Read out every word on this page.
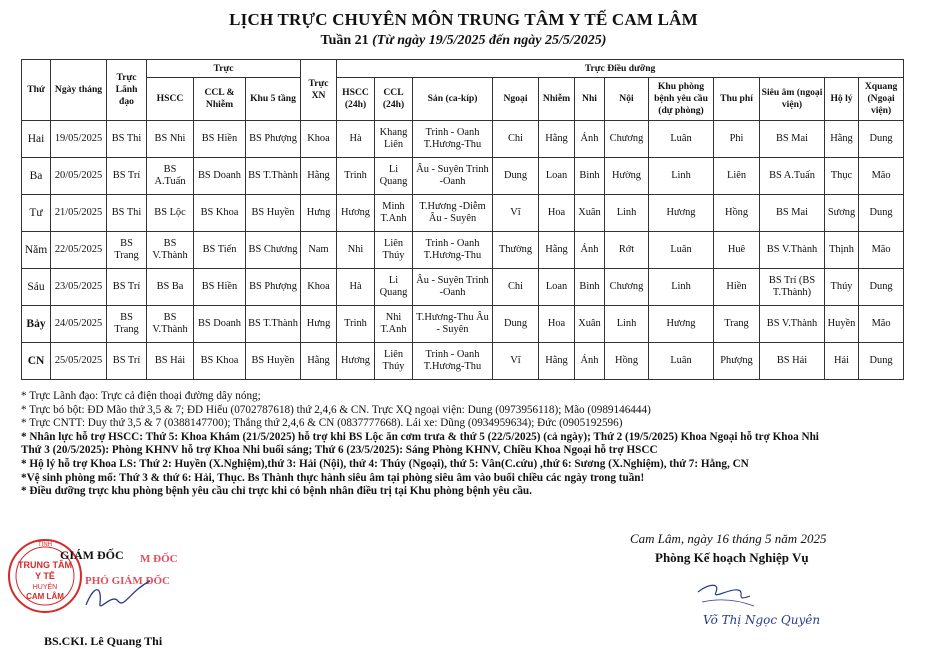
LỊCH TRỰC CHUYÊN MÔN TRUNG TÂM Y TẾ CAM LÂM
Tuần 21 (Từ ngày 19/5/2025 đến ngày 25/5/2025)
Thứ	Ngày tháng	Trực Lãnh đạo	Trực			Trực XN	Trực Điều dưỡng											
			HSCC	CCL & Nhiễm	Khu 5 tầng		HSCC (24h)	CCL (24h)	Sản (ca-kíp)	Ngoại	Nhiễm	Nhi	Nội	Khu phòng bệnh yêu cầu (dự phòng)	Thu phí	Siêu âm (ngoại viện)	Hộ lý	Xquang (Ngoại viện)
Hai	19/05/2025	BS Thi	BS Nhi	BS Hiền	BS Phượng	Khoa	Hà	Khang Liên	Trinh - Oanh T.Hương-Thu	Chi	Hằng	Ánh	Chương	Luân	Phi	BS Mai	Hằng	Dung
Ba	20/05/2025	BS Trí	BS A.Tuấn	BS Doanh	BS T.Thành	Hằng	Trinh	Li Quang	Âu - Suyên Trinh -Oanh	Dung	Loan	Bình	Hường	Linh	Liên	BS A.Tuấn	Thục	Mão
Tư	21/05/2025	BS Thi	BS Lộc	BS Khoa	BS Huyền	Hưng	Hương	Minh T.Anh	T.Hương -Diễm Âu - Suyên	Vĩ	Hoa	Xuân	Linh	Hương	Hồng	BS Mai	Sương	Dung
Năm	22/05/2025	BS Trang	BS V.Thành	BS Tiến	BS Chương	Nam	Nhi	Liên Thúy	Trinh - Oanh T.Hương-Thu	Thường	Hằng	Ánh	Rớt	Luân	Huê	BS V.Thành	Thịnh	Mão
Sáu	23/05/2025	BS Trí	BS Ba	BS Hiền	BS Phượng	Khoa	Hà	Li Quang	Âu - Suyên Trinh -Oanh	Chi	Loan	Bình	Chương	Linh	Hiền	BS Trí (BS T.Thành)	Thúy	Dung
Bảy	24/05/2025	BS Trang	BS V.Thành	BS Doanh	BS T.Thành	Hưng	Trinh	Nhi T.Anh	T.Hương-Thu Âu - Suyên	Dung	Hoa	Xuân	Linh	Hương	Trang	BS V.Thành	Huyền	Mão
CN	25/05/2025	BS Trí	BS Hải	BS Khoa	BS Huyền	Hằng	Hương	Liên Thúy	Trinh - Oanh T.Hương-Thu	Vĩ	Hằng	Ánh	Hồng	Luân	Phượng	BS Hải	Hải	Dung
* Trực Lãnh đạo: Trực cả điện thoại đường dây nóng;
* Trực bó bột: ĐD Mão thứ 3,5 & 7; ĐD Hiếu (0702787618) thứ 2,4,6 & CN. Trực XQ ngoại viện: Dung (0973956118); Mão (0989146444)
* Trực CNTT: Duy thứ 3,5 & 7 (0388147700); Thắng thứ 2,4,6 & CN (0837777668). Lái xe: Dũng (0934959634); Đức (0905192596)
* Nhân lực hỗ trợ HSCC: Thứ 5: Khoa Khám (21/5/2025) hỗ trợ khi BS Lộc ăn cơm trưa & thứ 5 (22/5/2025) (cả ngày); Thứ 2 (19/5/2025) Khoa Ngoại hỗ trợ Khoa Nhi
Thứ 3 (20/5/2025): Phòng KHNV hỗ trợ Khoa Nhi buổi sáng; Thứ 6 (23/5/2025): Sáng Phòng KHNV, Chiều Khoa Ngoại hỗ trợ HSCC
* Hộ lý hỗ trợ Khoa LS: Thứ 2: Huyền (X.Nghiệm),thứ 3: Hải (Nội), thứ 4: Thúy (Ngoại), thứ 5: Vân(C.cứu) ,thứ 6: Sương (X.Nghiệm), thứ 7: Hằng, CN
*Vệ sinh phòng mổ: Thứ 3 & thứ 6: Hải, Thục. Bs Thành thực hành siêu âm tại phòng siêu âm vào buổi chiều các ngày trong tuần!
* Điều dưỡng trực khu phòng bệnh yêu cầu chỉ trực khi có bệnh nhân điều trị tại Khu phòng bệnh yêu cầu.
Cam Lâm, ngày 16 tháng 5 năm 2025
Phòng Kế hoạch Nghiệp Vụ
Võ Thị Ngọc Quyên
TỈNH
TRUNG TÂM
Y TẾ
HUYỆN
CAM LÂM
GIÁM ĐỐC M ĐỐC
PHÓ GIÁM ĐỐC
BS.CKI. Lê Quang Thi
